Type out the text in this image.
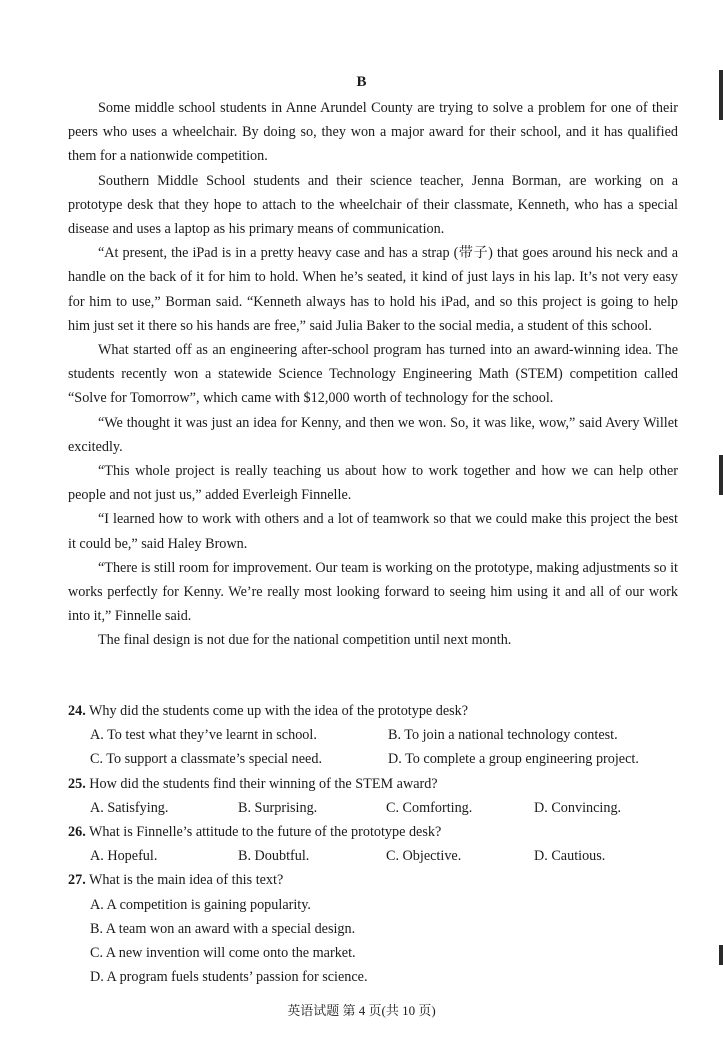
B

Some middle school students in Anne Arundel County are trying to solve a problem for one of their peers who uses a wheelchair. By doing so, they won a major award for their school, and it has qualified them for a nationwide competition.

Southern Middle School students and their science teacher, Jenna Borman, are working on a prototype desk that they hope to attach to the wheelchair of their classmate, Kenneth, who has a special disease and uses a laptop as his primary means of communication.

“At present, the iPad is in a pretty heavy case and has a strap (带子) that goes around his neck and a handle on the back of it for him to hold. When he’s seated, it kind of just lays in his lap. It’s not very easy for him to use,” Borman said. “Kenneth always has to hold his iPad, and so this project is going to help him just set it there so his hands are free,” said Julia Baker to the social media, a student of this school.

What started off as an engineering after-school program has turned into an award-winning idea. The students recently won a statewide Science Technology Engineering Math (STEM) competition called “Solve for Tomorrow”, which came with $12,000 worth of technology for the school.

“We thought it was just an idea for Kenny, and then we won. So, it was like, wow,” said Avery Willet excitedly.

“This whole project is really teaching us about how to work together and how we can help other people and not just us,” added Everleigh Finnelle.

“I learned how to work with others and a lot of teamwork so that we could make this project the best it could be,” said Haley Brown.

“There is still room for improvement. Our team is working on the prototype, making adjustments so it works perfectly for Kenny. We’re really most looking forward to seeing him using it and all of our work into it,” Finnelle said.

The final design is not due for the national competition until next month.

24. Why did the students come up with the idea of the prototype desk?

A. To test what they’ve learnt in school.	B. To join a national technology contest.
C. To support a classmate’s special need.	D. To complete a group engineering project.

25. How did the students find their winning of the STEM award?

A. Satisfying.	B. Surprising.	C. Comforting.	D. Convincing.

26. What is Finnelle’s attitude to the future of the prototype desk?

A. Hopeful.	B. Doubtful.	C. Objective.	D. Cautious.

27. What is the main idea of this text?

A. A competition is gaining popularity.
B. A team won an award with a special design.
C. A new invention will come onto the market.
D. A program fuels students’ passion for science.
英语试题 第 4 页(共 10 页)
